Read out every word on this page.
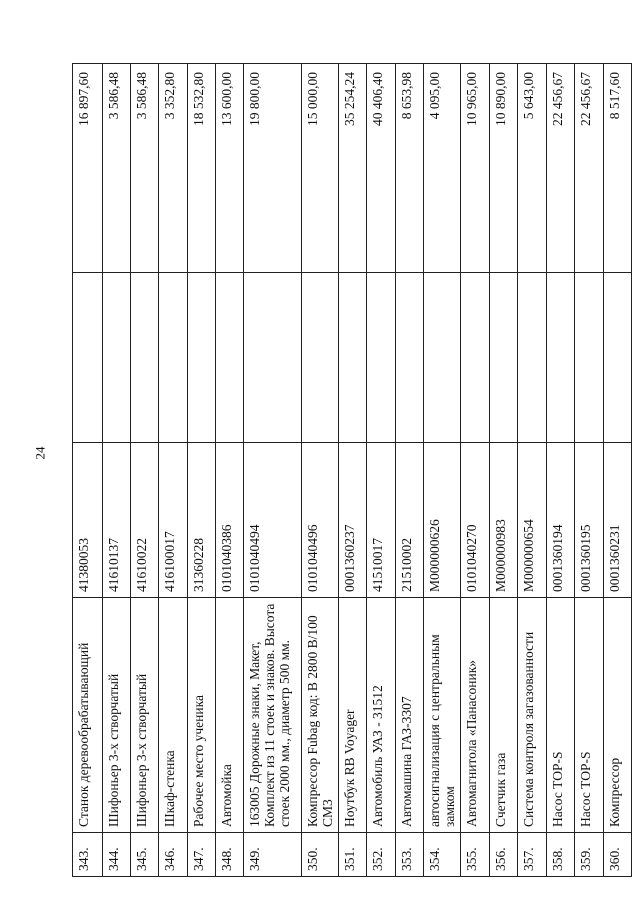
24
343.	Станок деревообрабатывающий	41380053		16 897,60
344.	Шифоньер 3-х створчатый	41610137		3 586,48
345.	Шифоньер 3-х створчатый	41610022		3 586,48
346.	Шкаф-стенка	416100017		3 352,80
347.	Рабочее место ученика	31360228		18 532,80
348.	Автомойка	0101040386		13 600,00
349.	163005 Дорожные знаки, Макет, Комплект из 11 стоек и знаков. Высота стоек 2000 мм., диаметр 500 мм.	0101040494		19 800,00
350.	Компрессор Fubag код: В 2800 В/100 СМ3	0101040496		15 000,00
351.	Ноутбук RB Voyager	0001360237		35 254,24
352.	Автомобиль УАЗ - 31512	41510017		40 406,40
353.	Автомашина ГАЗ-3307	21510002		8 653,98
354.	автосигнализация с центральным замком	М000000626		4 095,00
355.	Автомагнитола «Панасоник»	0101040270		10 965,00
356.	Счетчик газа	М000000983		10 890,00
357.	Система контроля загазованности	М000000654		5 643,00
358.	Насос TOP-S	0001360194		22 456,67
359.	Насос TOP-S	0001360195		22 456,67
360.	Компрессор	0001360231		8 517,60
